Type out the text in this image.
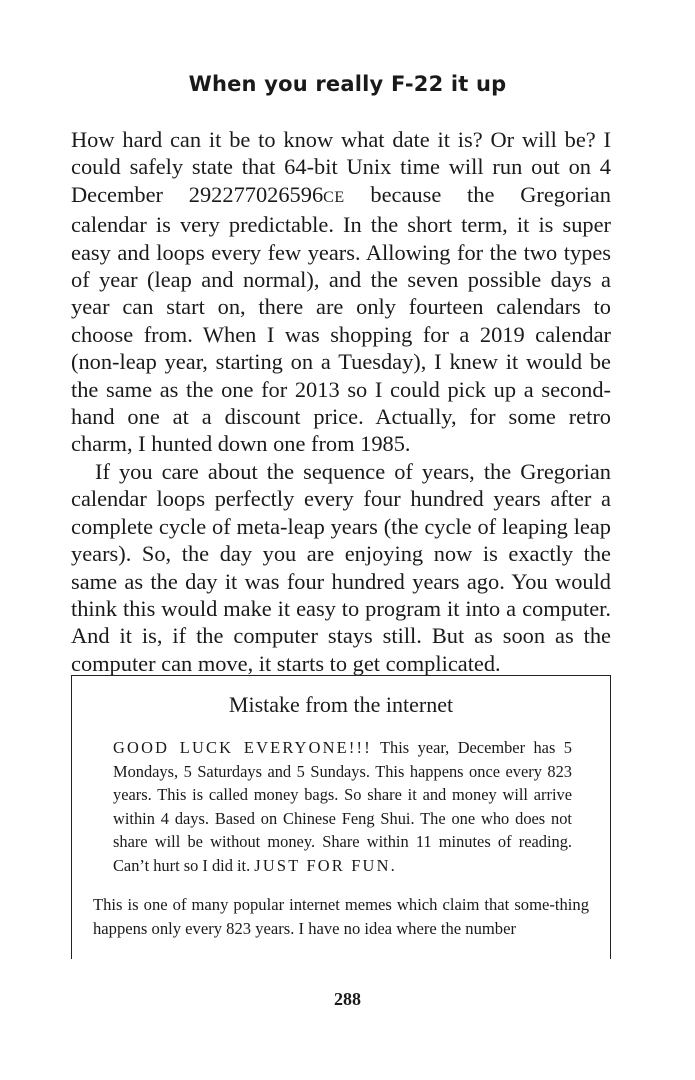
When you really F-22 it up

How hard can it be to know what date it is? Or will be? I could safely state that 64-bit Unix time will run out on 4 December 292277026596CE because the Gregorian calendar is very predictable. In the short term, it is super easy and loops every few years. Allowing for the two types of year (leap and normal), and the seven possible days a year can start on, there are only fourteen calendars to choose from. When I was shopping for a 2019 calendar (non-leap year, starting on a Tuesday), I knew it would be the same as the one for 2013 so I could pick up a second-hand one at a discount price. Actually, for some retro charm, I hunted down one from 1985.

If you care about the sequence of years, the Gregorian calendar loops perfectly every four hundred years after a complete cycle of meta-leap years (the cycle of leaping leap years). So, the day you are enjoying now is exactly the same as the day it was four hundred years ago. You would think this would make it easy to program it into a computer. And it is, if the computer stays still. But as soon as the computer can move, it starts to get complicated.

Mistake from the internet
GOOD LUCK EVERYONE!!! This year, December has 5 Mondays, 5 Saturdays and 5 Sundays. This happens once every 823 years. This is called money bags. So share it and money will arrive within 4 days. Based on Chinese Feng Shui. The one who does not share will be without money. Share within 11 minutes of reading. Can’t hurt so I did it. JUST FOR FUN.
This is one of many popular internet memes which claim that some-thing happens only every 823 years. I have no idea where the number
288
